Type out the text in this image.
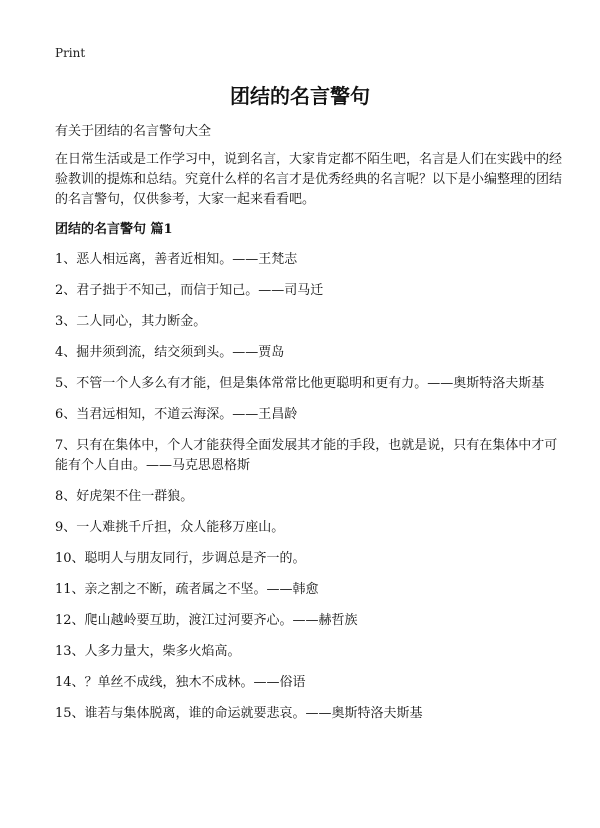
Print
团结的名言警句

有关于团结的名言警句大全

在日常生活或是工作学习中，说到名言，大家肯定都不陌生吧，名言是人们在实践中的经验教训的提炼和总结。究竟什么样的名言才是优秀经典的名言呢？以下是小编整理的团结的名言警句，仅供参考，大家一起来看看吧。

团结的名言警句 篇1

1、恶人相远离，善者近相知。——王梵志
2、君子拙于不知己，而信于知己。——司马迁
3、二人同心，其力断金。
4、掘井须到流，结交须到头。——贾岛
5、不管一个人多么有才能，但是集体常常比他更聪明和更有力。——奥斯特洛夫斯基
6、当君远相知，不道云海深。——王昌龄
7、只有在集体中，个人才能获得全面发展其才能的手段，也就是说，只有在集体中才可能有个人自由。——马克思恩格斯
8、好虎架不住一群狼。
9、一人难挑千斤担，众人能移万座山。
10、聪明人与朋友同行，步调总是齐一的。
11、亲之割之不断，疏者属之不坚。——韩愈
12、爬山越岭要互助，渡江过河要齐心。——赫哲族
13、人多力量大，柴多火焰高。
14、？单丝不成线，独木不成林。——俗语
15、谁若与集体脱离，谁的命运就要悲哀。——奥斯特洛夫斯基
